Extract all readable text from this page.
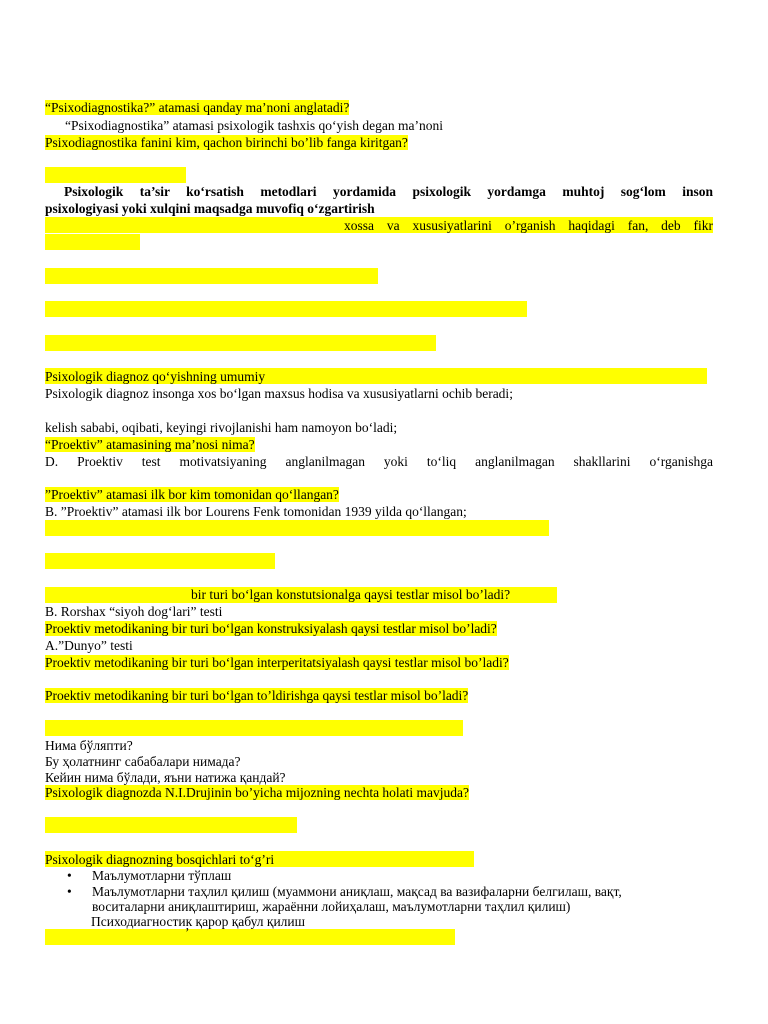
“Psixodiagnostika?” atamasi qanday ma’noni anglatadi?
“Psixodiagnostika” atamasi psixologik tashxis qo‘yish degan ma’noni
Psixodiagnostika fanini kim, qachon birinchi bo’lib fanga kiritgan?
Psixologik ta’sir ko‘rsatish metodlari yordamida psixologik yordamga muhtoj sog‘lom inson
psixologiyasi yoki xulqini maqsadga muvofiq o‘zgartirish
xossa va xususiyatlarini o’rganish haqidagi fan, deb fikr
Psixologik diagnoz qo‘yishning umumiy
Psixologik diagnoz insonga xos bo‘lgan maxsus hodisa va xususiyatlarni ochib beradi;
kelish sababi, oqibati, keyingi rivojlanishi ham namoyon bo‘ladi;
“Proektiv” atamasining ma’nosi nima?
D. Proektiv test motivatsiyaning anglanilmagan yoki to‘liq anglanilmagan shakllarini o‘rganishga
”Proektiv” atamasi ilk bor kim tomonidan qo‘llangan?
B. ”Proektiv” atamasi ilk bor Lourens Fenk tomonidan 1939 yilda qo‘llangan;
bir turi bo‘lgan konstutsionalga qaysi testlar misol bo’ladi?
B. Rorshax “siyoh dog‘lari” testi
Proektiv metodikaning bir turi bo‘lgan konstruksiyalash qaysi testlar misol bo’ladi?
A.”Dunyo” testi
Proektiv metodikaning bir turi bo‘lgan interperitatsiyalash qaysi testlar misol bo’ladi?
Proektiv metodikaning bir turi bo‘lgan to’ldirishga qaysi testlar misol bo’ladi?
Нима бўляпти?
Бу ҳолатнинг сабабалари нимада?
Кейин нима бўлади, яъни натижа қандай?
Psixologik diagnozda N.I.Drujinin bo’yicha mijozning nechta holati mavjuda?
Psixologik diagnozning bosqichlari to‘g’ri
• Маълумотларни тўплаш
• Маълумотларни таҳлил қилиш (муаммони аниқлаш, мақсад ва вазифаларни белгилаш, вақт,
воситаларни аниқлаштириш, жараённи лойиҳалаш, маълумотларни таҳлил қилиш)
Психодиагностик қарор қабул қилиш
’
